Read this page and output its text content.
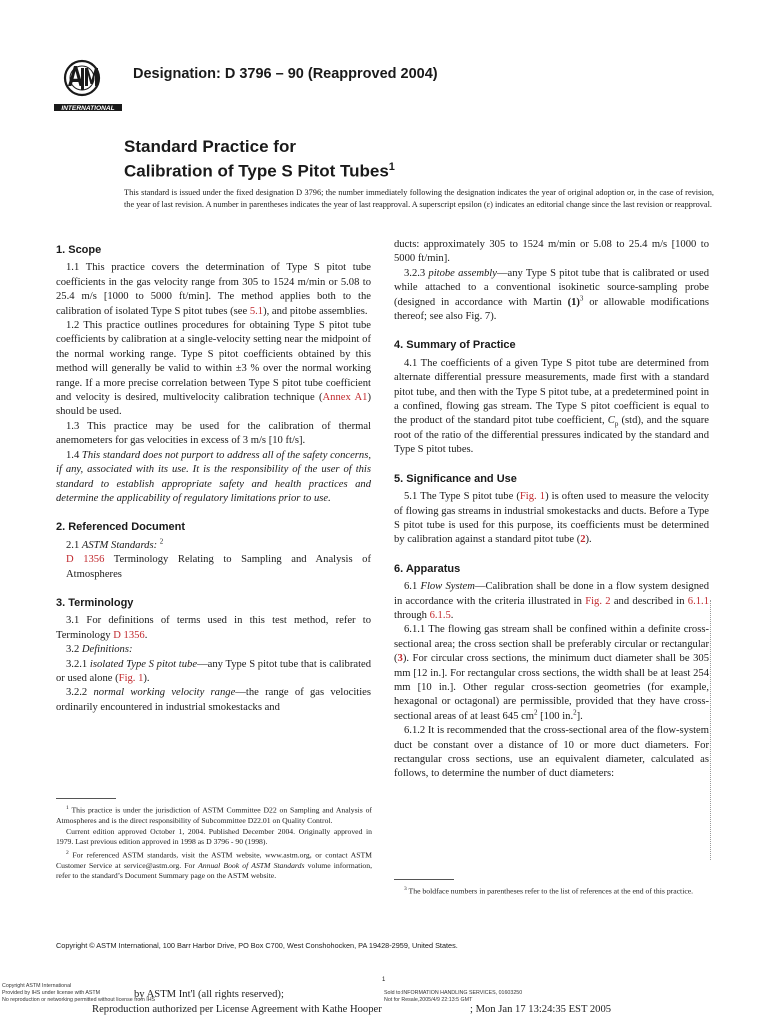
INTERNATIONAL
Designation: D 3796 – 90 (Reapproved 2004)
Standard Practice for
Calibration of Type S Pitot Tubes$^1$
This standard is issued under the fixed designation D 3796; the number immediately following the designation indicates the year of original adoption or, in the case of revision, the year of last revision. A number in parentheses indicates the year of last reapproval. A superscript epsilon (ε) indicates an editorial change since the last revision or reapproval.
1. Scope

1.1 This practice covers the determination of Type S pitot tube coefficients in the gas velocity range from 305 to 1524 m/min or 5.08 to 25.4 m/s [1000 to 5000 ft/min]. The method applies both to the calibration of isolated Type S pitot tubes (see 5.1), and pitobe assemblies.

1.2 This practice outlines procedures for obtaining Type S pitot tube coefficients by calibration at a single-velocity setting near the midpoint of the normal working range. Type S pitot coefficients obtained by this method will generally be valid to within ±3 % over the normal working range. If a more precise correlation between Type S pitot tube coefficient and velocity is desired, multivelocity calibration technique (Annex A1) should be used.

1.3 This practice may be used for the calibration of thermal anemometers for gas velocities in excess of 3 m/s [10 ft/s].

1.4 This standard does not purport to address all of the safety concerns, if any, associated with its use. It is the responsibility of the user of this standard to establish appropriate safety and health practices and determine the applicability of regulatory limitations prior to use.

2. Referenced Document

2.1 ASTM Standards: $^2$

D 1356 Terminology Relating to Sampling and Analysis of Atmospheres

3. Terminology

3.1 For definitions of terms used in this test method, refer to Terminology D 1356.

3.2 Definitions:

3.2.1 isolated Type S pitot tube—any Type S pitot tube that is calibrated or used alone (Fig. 1).

3.2.2 normal working velocity range—the range of gas velocities ordinarily encountered in industrial smokestacks and

ducts: approximately 305 to 1524 m/min or 5.08 to 25.4 m/s [1000 to 5000 ft/min].

3.2.3 pitobe assembly—any Type S pitot tube that is calibrated or used while attached to a conventional isokinetic source-sampling probe (designed in accordance with Martin $(1)^3$ or allowable modifications thereof; see also Fig. 7).

4. Summary of Practice

4.1 The coefficients of a given Type S pitot tube are determined from alternate differential pressure measurements, made first with a standard pitot tube, and then with the Type S pitot tube, at a predetermined point in a confined, flowing gas stream. The Type S pitot coefficient is equal to the product of the standard pitot tube coefficient, $C_p$ (std), and the square root of the ratio of the differential pressures indicated by the standard and Type S pitot tubes.

5. Significance and Use

5.1 The Type S pitot tube (Fig. 1) is often used to measure the velocity of flowing gas streams in industrial smokestacks and ducts. Before a Type S pitot tube is used for this purpose, its coefficients must be determined by calibration against a standard pitot tube (2).

6. Apparatus

6.1 Flow System—Calibration shall be done in a flow system designed in accordance with the criteria illustrated in Fig. 2 and described in 6.1.1 through 6.1.5.

6.1.1 The flowing gas stream shall be confined within a definite cross-sectional area; the cross section shall be preferably circular or rectangular (3). For circular cross sections, the minimum duct diameter shall be 305 mm [12 in.]. For rectangular cross sections, the width shall be at least 254 mm [10 in.]. Other regular cross-section geometries (for example, hexagonal or octagonal) are permissible, provided that they have cross-sectional areas of at least 645 $cm^2$ [100 in.$^2$].

6.1.2 It is recommended that the cross-sectional area of the flow-system duct be constant over a distance of 10 or more duct diameters. For rectangular cross sections, use an equivalent diameter, calculated as follows, to determine the number of duct diameters:

$^1$ This practice is under the jurisdiction of ASTM Committee D22 on Sampling and Analysis of Atmospheres and is the direct responsibility of Subcommittee D22.01 on Quality Control.

Current edition approved October 1, 2004. Published December 2004. Originally approved in 1979. Last previous edition approved in 1998 as D 3796 - 90 (1998).

$^2$ For referenced ASTM standards, visit the ASTM website, www.astm.org, or contact ASTM Customer Service at service@astm.org. For Annual Book of ASTM Standards volume information, refer to the standard’s Document Summary page on the ASTM website.

$^3$ The boldface numbers in parentheses refer to the list of references at the end of this practice.

Copyright © ASTM International, 100 Barr Harbor Drive, PO Box C700, West Conshohocken, PA 19428-2959, United States.
1
Copyright ASTM International
Provided by IHS under license with ASTM
No reproduction or networking permitted without license from IHS
Sold to:INFORMATION HANDLING SERVICES, 01603250
Not for Resale,2005/4/9 22:13:5 GMT
by ASTM Int'l (all rights reserved);
Reproduction authorized per License Agreement with Kathe Hooper	; Mon Jan 17 13:24:35 EST 2005
